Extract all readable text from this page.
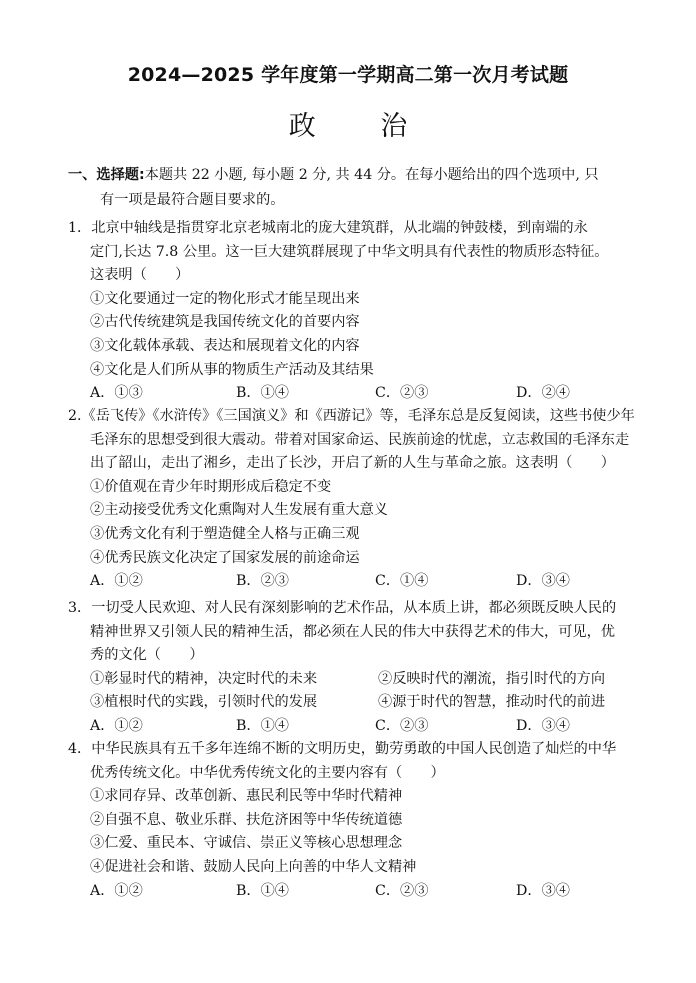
2024—2025 学年度第一学期高二第一次月考试题
政 治
一、选择题:本题共 22 小题, 每小题 2 分, 共 44 分。在每小题给出的四个选项中, 只
有一项是最符合题目要求的。
1．北京中轴线是指贯穿北京老城南北的庞大建筑群，从北端的钟鼓楼，到南端的永
定门,长达 7.8 公里。这一巨大建筑群展现了中华文明具有代表性的物质形态特征。
这表明（　　）
①文化要通过一定的物化形式才能呈现出来
②古代传统建筑是我国传统文化的首要内容
③文化载体承载、表达和展现着文化的内容
④文化是人们所从事的物质生产活动及其结果
A．①③	B．①④	C．②③	D．②④
2.《岳飞传》《水浒传》《三国演义》和《西游记》等，毛泽东总是反复阅读，这些书使少年
毛泽东的思想受到很大震动。带着对国家命运、民族前途的忧虑，立志救国的毛泽东走
出了韶山，走出了湘乡，走出了长沙，开启了新的人生与革命之旅。这表明（　　）
①价值观在青少年时期形成后稳定不变
②主动接受优秀文化熏陶对人生发展有重大意义
③优秀文化有利于塑造健全人格与正确三观
④优秀民族文化决定了国家发展的前途命运
A．①②	B．②③	C．①④	D．③④
3．一切受人民欢迎、对人民有深刻影响的艺术作品，从本质上讲，都必须既反映人民的
精神世界又引领人民的精神生活，都必须在人民的伟大中获得艺术的伟大，可见，优
秀的文化（　　）
①彰显时代的精神，决定时代的未来	②反映时代的潮流，指引时代的方向
③植根时代的实践，引领时代的发展	④源于时代的智慧，推动时代的前进
A．①②	B．①④	C．②③	D．③④
4．中华民族具有五千多年连绵不断的文明历史，勤劳勇敢的中国人民创造了灿烂的中华
优秀传统文化。中华优秀传统文化的主要内容有（　　）
①求同存异、改革创新、惠民利民等中华时代精神
②自强不息、敬业乐群、扶危济困等中华传统道德
③仁爱、重民本、守诚信、崇正义等核心思想理念
④促进社会和谐、鼓励人民向上向善的中华人文精神
A．①②	B．①④	C．②③	D．③④
